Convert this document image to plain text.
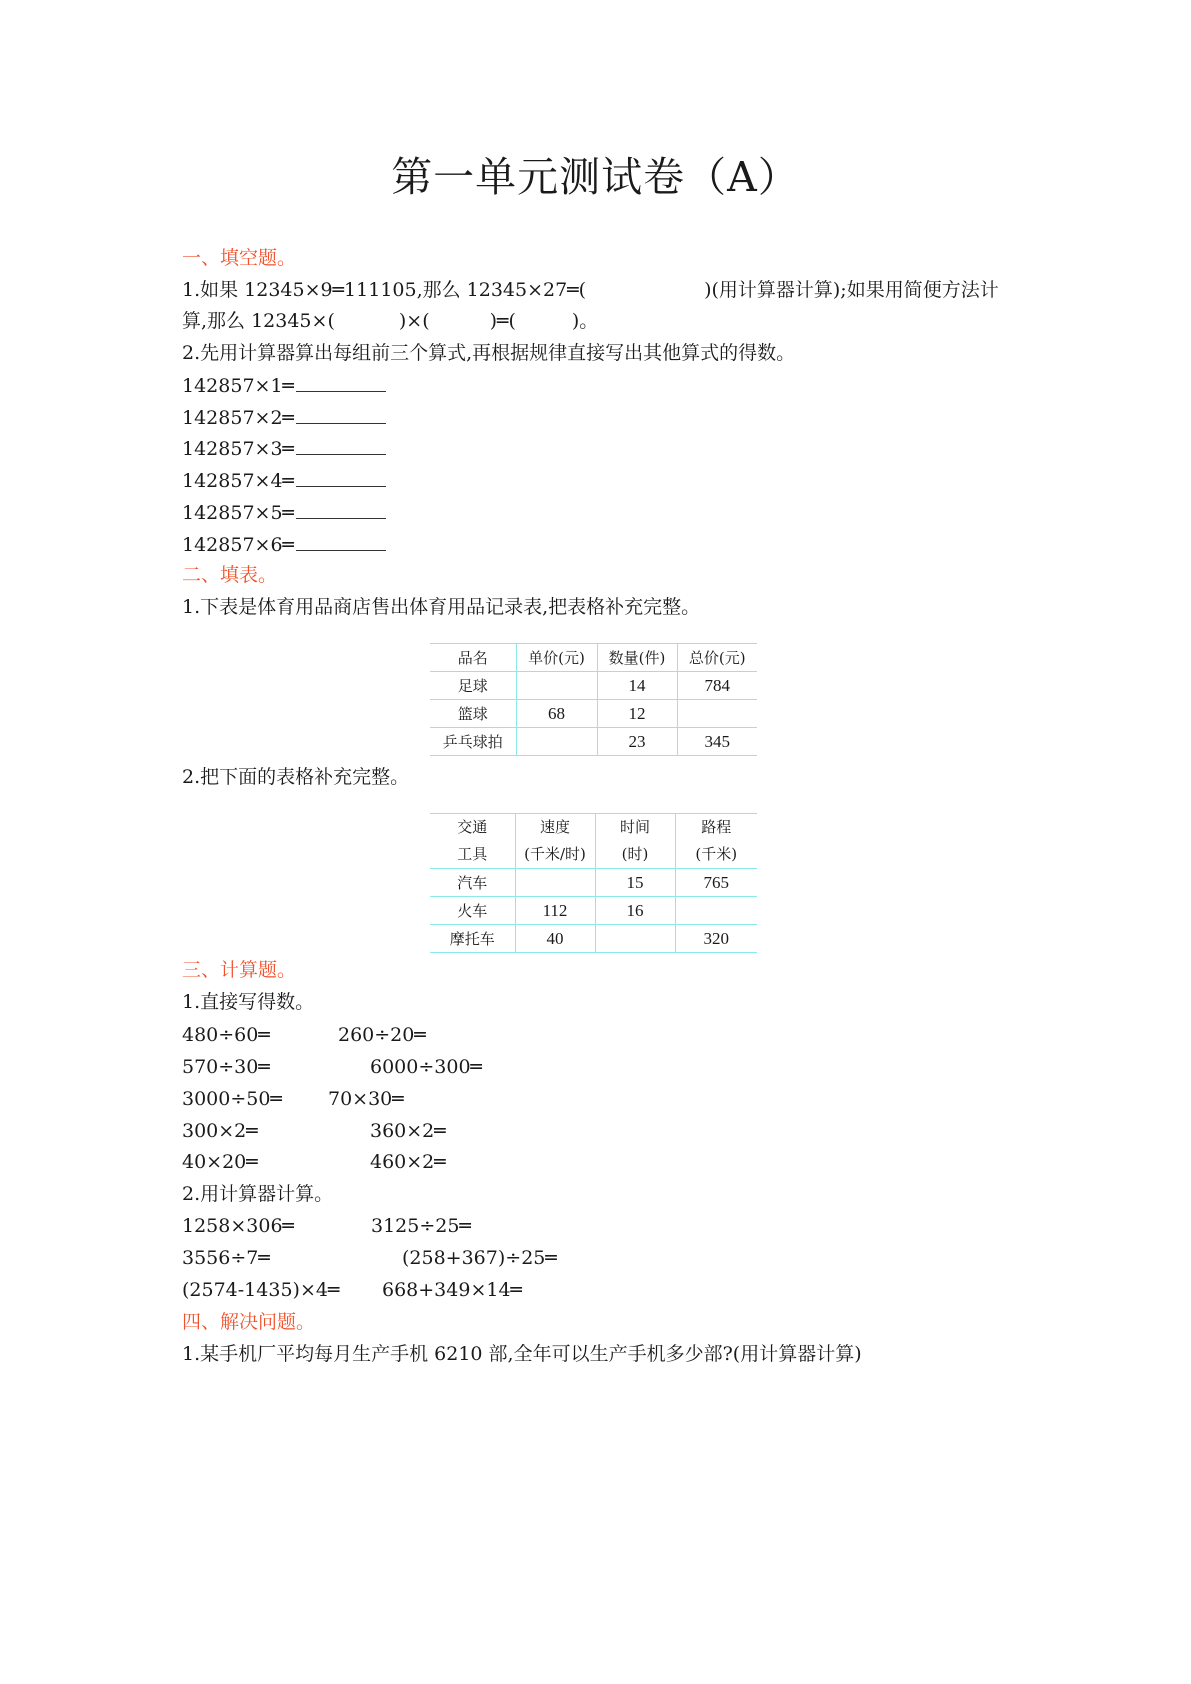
第一单元测试卷（A）
一、填空题。
1.如果 12345×9═111105,那么 12345×27═(	)(用计算器计算);如果用简便方法计
算,那么 12345×(	)×(	)═(	)。
2.先用计算器算出每组前三个算式,再根据规律直接写出其他算式的得数。
142857×1═
142857×2═
142857×3═
142857×4═
142857×5═
142857×6═
二、填表。
1.下表是体育用品商店售出体育用品记录表,把表格补充完整。
品名	单价(元)	数量(件)	总价(元)
足球		14	784
篮球	68	12	
乒乓球拍		23	345
2.把下面的表格补充完整。
交通
工具

速度
(千米/时)

时间
(时)

路程
(千米)

汽车		15	765
火车	112	16	
摩托车	40		320
三、计算题。
1.直接写得数。
480÷60═	260÷20═
570÷30═	6000÷300═
3000÷50═ 70×30═
300×2═	360×2═
40×20═	460×2═
2.用计算器计算。
1258×306═	3125÷25═
3556÷7═	(258+367)÷25═
(2574-1435)×4═ 668+349×14═
四、解决问题。
1.某手机厂平均每月生产手机 6210 部,全年可以生产手机多少部?(用计算器计算)
